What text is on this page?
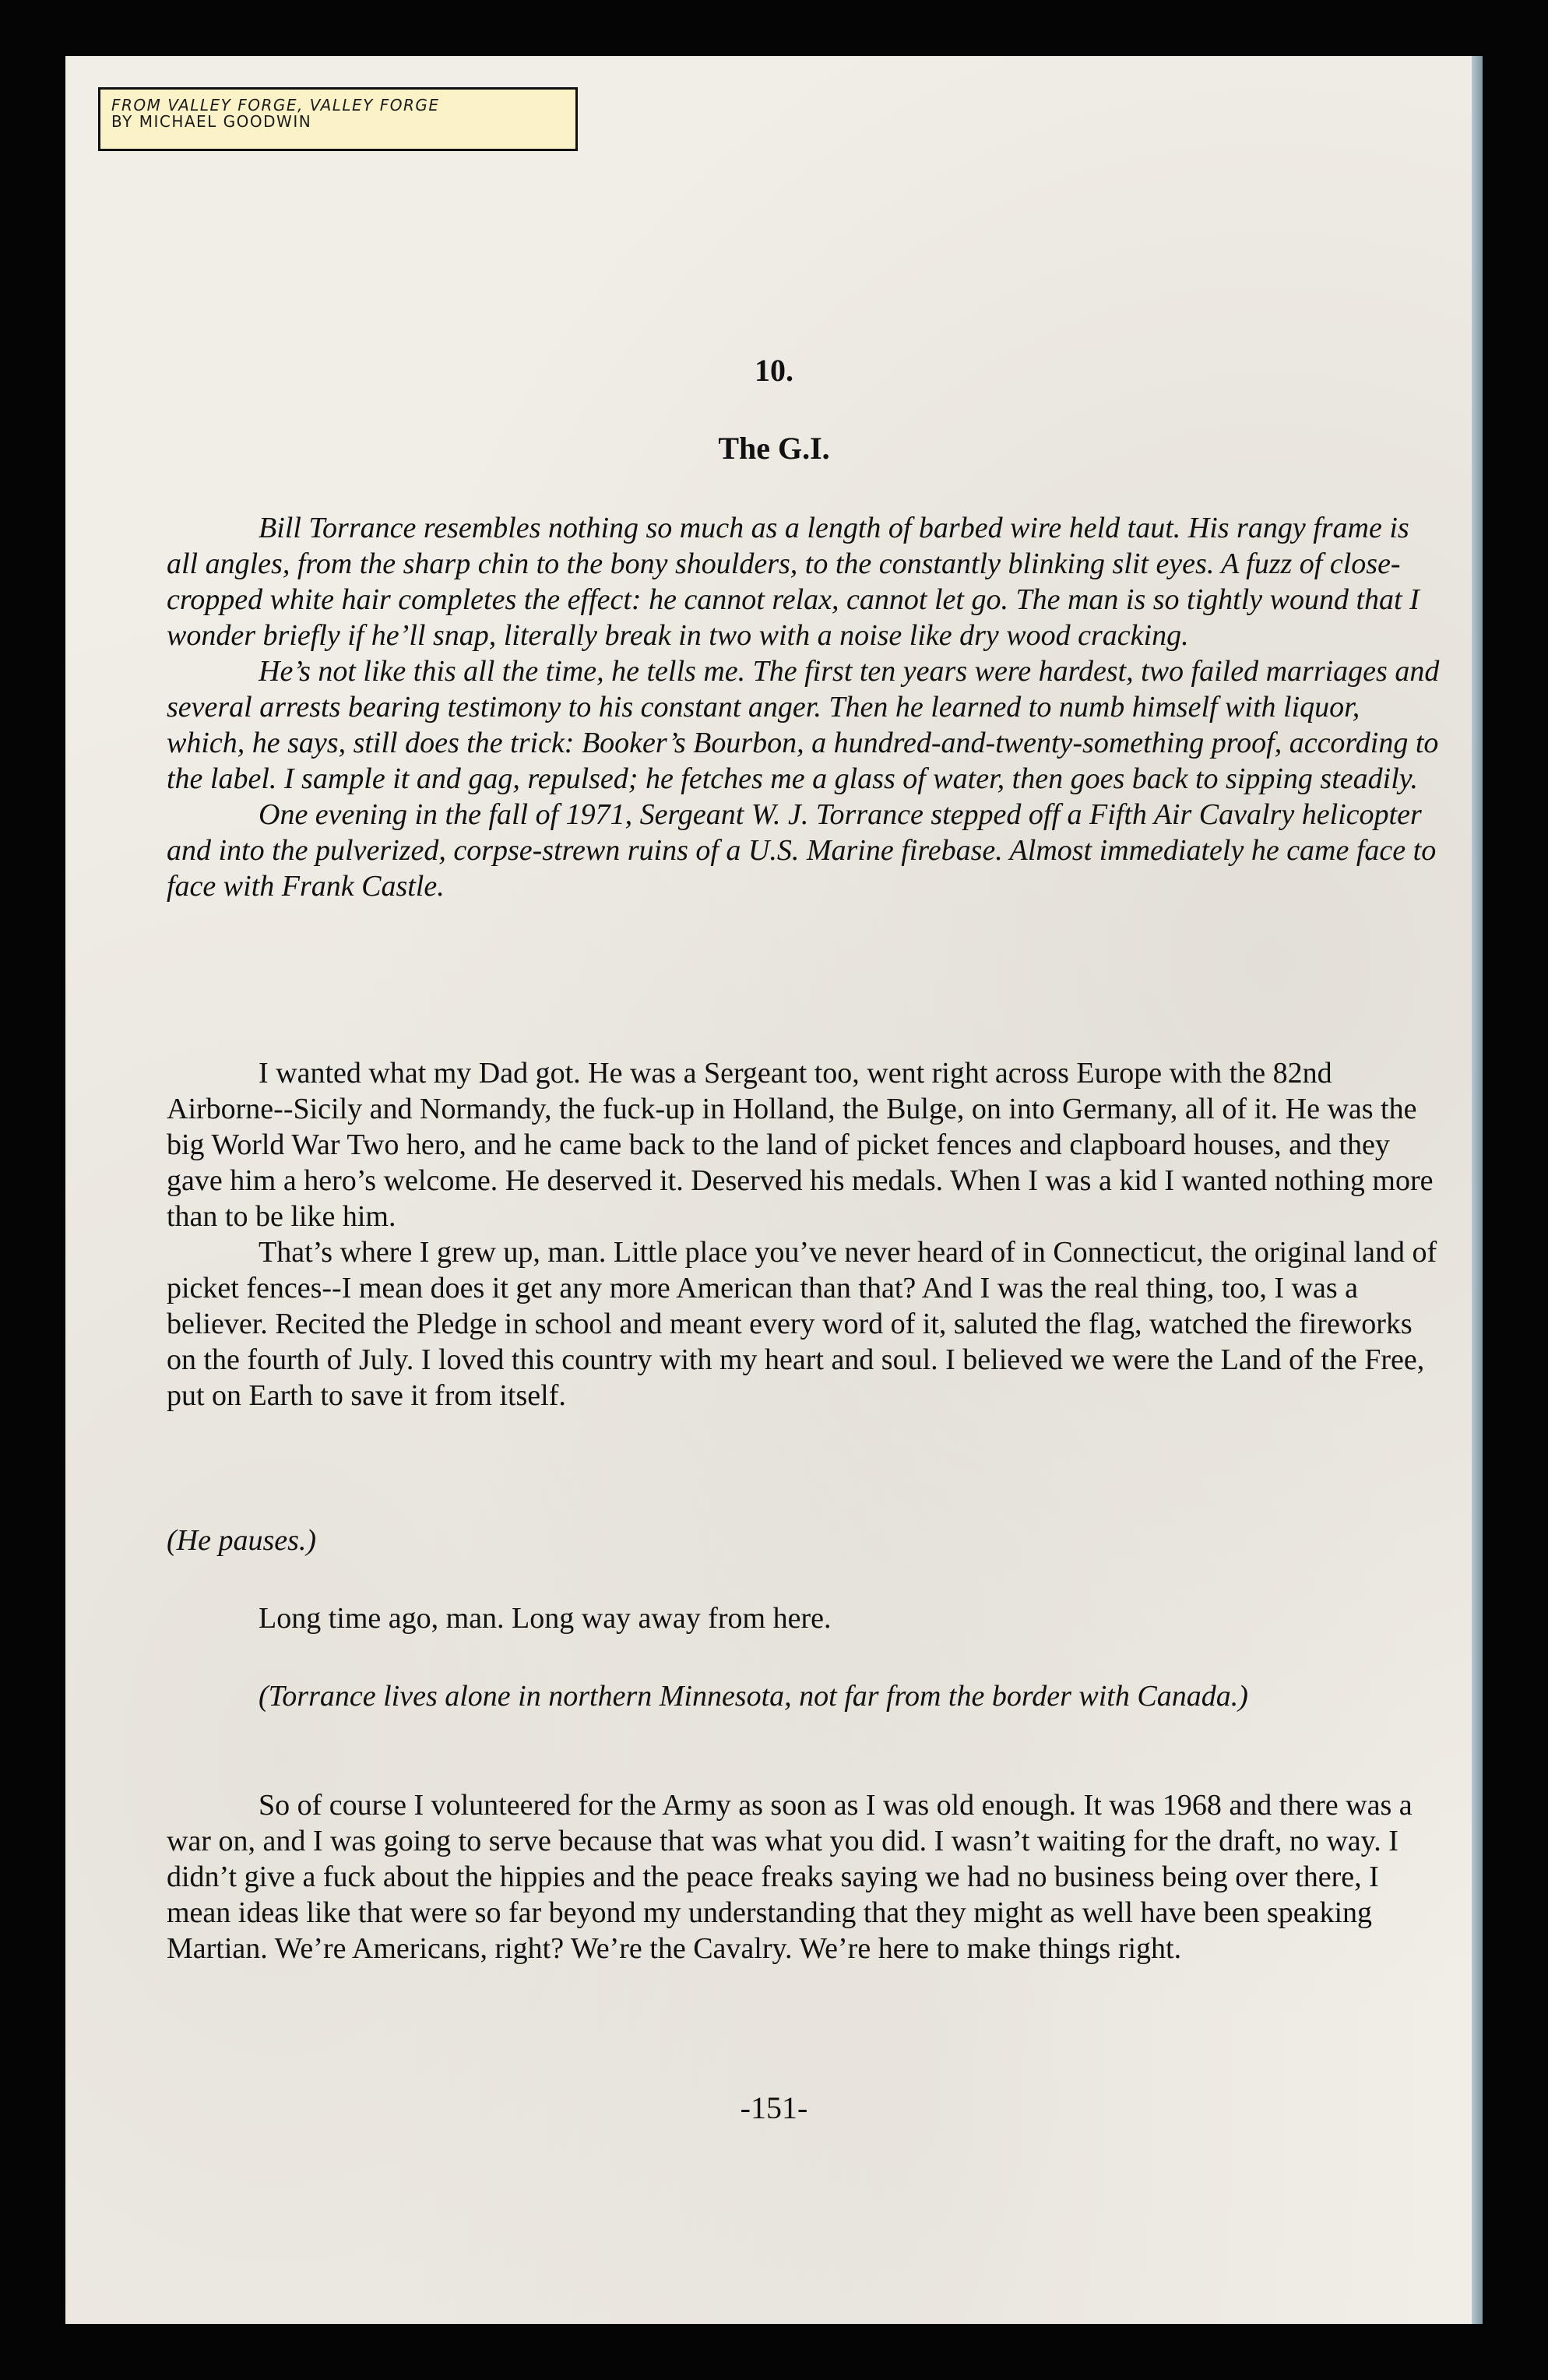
FROM VALLEY FORGE, VALLEY FORGE
BY MICHAEL GOODWIN
10.
The G.I.

Bill Torrance resembles nothing so much as a length of barbed wire held taut. His rangy frame is all angles, from the sharp chin to the bony shoulders, to the constantly blinking slit eyes. A fuzz of close-cropped white hair completes the effect: he cannot relax, cannot let go. The man is so tightly wound that I wonder briefly if he’ll snap, literally break in two with a noise like dry wood cracking.

He’s not like this all the time, he tells me. The first ten years were hardest, two failed marriages and several arrests bearing testimony to his constant anger. Then he learned to numb himself with liquor, which, he says, still does the trick: Booker’s Bourbon, a hundred-and-twenty-something proof, according to the label. I sample it and gag, repulsed; he fetches me a glass of water, then goes back to sipping steadily.

One evening in the fall of 1971, Sergeant W. J. Torrance stepped off a Fifth Air Cavalry helicopter and into the pulverized, corpse-strewn ruins of a U.S. Marine firebase. Almost immediately he came face to face with Frank Castle.

I wanted what my Dad got. He was a Sergeant too, went right across Europe with the 82nd Airborne--Sicily and Normandy, the fuck-up in Holland, the Bulge, on into Germany, all of it. He was the big World War Two hero, and he came back to the land of picket fences and clapboard houses, and they gave him a hero’s welcome. He deserved it. Deserved his medals. When I was a kid I wanted nothing more than to be like him.

That’s where I grew up, man. Little place you’ve never heard of in Connecticut, the original land of picket fences--I mean does it get any more American than that? And I was the real thing, too, I was a believer. Recited the Pledge in school and meant every word of it, saluted the flag, watched the fireworks on the fourth of July. I loved this country with my heart and soul. I believed we were the Land of the Free, put on Earth to save it from itself.

(He pauses.)
Long time ago, man. Long way away from here.
(Torrance lives alone in northern Minnesota, not far from the border with Canada.)
So of course I volunteered for the Army as soon as I was old enough. It was 1968 and there was a war on, and I was going to serve because that was what you did. I wasn’t waiting for the draft, no way. I didn’t give a fuck about the hippies and the peace freaks saying we had no business being over there, I mean ideas like that were so far beyond my understanding that they might as well have been speaking Martian. We’re Americans, right? We’re the Cavalry. We’re here to make things right.
-151-
